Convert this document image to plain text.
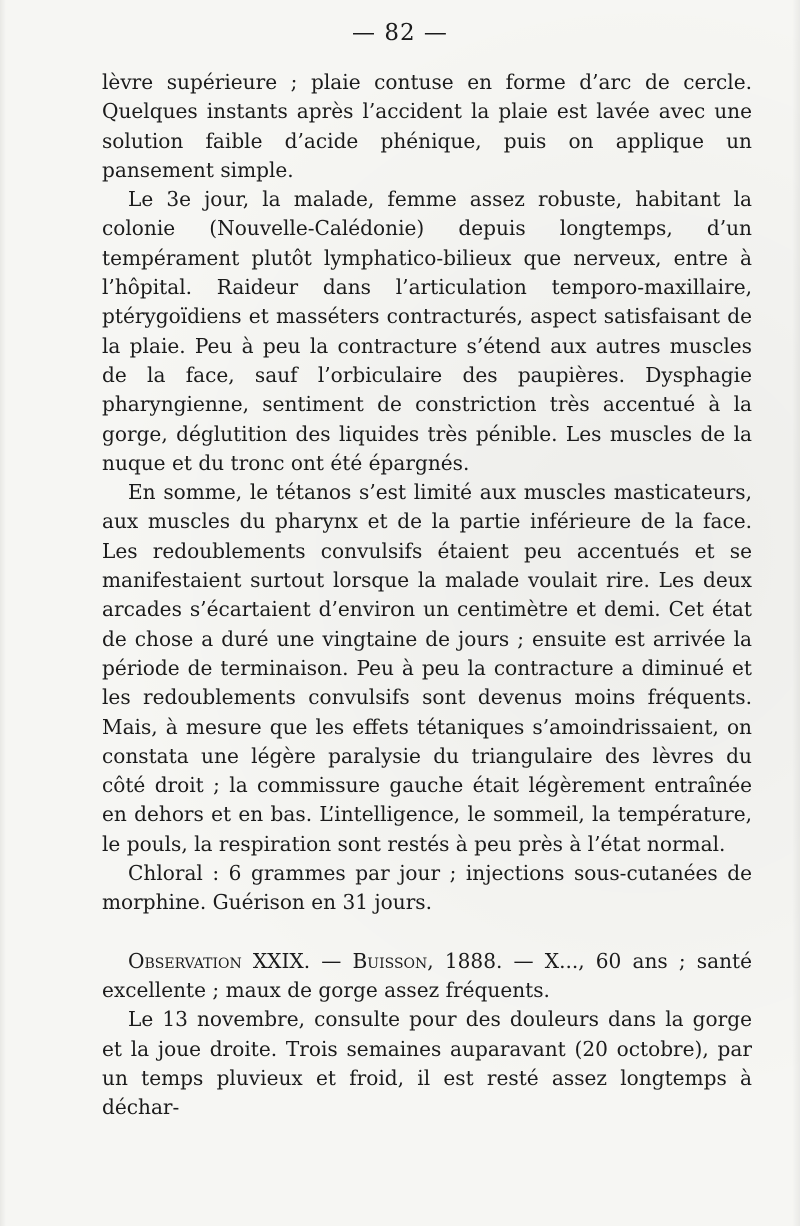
— 82 —

lèvre supérieure ; plaie contuse en forme d’arc de cercle. Quelques instants après l’accident la plaie est lavée avec une solution faible d’acide phénique, puis on applique un pansement simple.

Le 3e jour, la malade, femme assez robuste, habitant la colonie (Nouvelle-Calédonie) depuis longtemps, d’un tempérament plutôt lymphatico-bilieux que nerveux, entre à l’hôpital. Raideur dans l’articulation temporo-maxillaire, ptérygoïdiens et masséters contracturés, aspect satisfaisant de la plaie. Peu à peu la contracture s’étend aux autres muscles de la face, sauf l’orbiculaire des paupières. Dysphagie pharyngienne, sentiment de constriction très accentué à la gorge, déglutition des liquides très pénible. Les muscles de la nuque et du tronc ont été épargnés.

En somme, le tétanos s’est limité aux muscles masticateurs, aux muscles du pharynx et de la partie inférieure de la face. Les redoublements convulsifs étaient peu accentués et se manifestaient surtout lorsque la malade voulait rire. Les deux arcades s’écartaient d’environ un centimètre et demi. Cet état de chose a duré une vingtaine de jours ; ensuite est arrivée la période de terminaison. Peu à peu la contracture a diminué et les redoublements convulsifs sont devenus moins fréquents. Mais, à mesure que les effets tétaniques s’amoindrissaient, on constata une légère paralysie du triangulaire des lèvres du côté droit ; la commissure gauche était légèrement entraînée en dehors et en bas. L’intelligence, le sommeil, la température, le pouls, la respiration sont restés à peu près à l’état normal.

Chloral : 6 grammes par jour ; injections sous-cutanées de morphine. Guérison en 31 jours.

Observation XXIX. — Buisson, 1888. — X..., 60 ans ; santé excellente ; maux de gorge assez fréquents.

Le 13 novembre, consulte pour des douleurs dans la gorge et la joue droite. Trois semaines auparavant (20 octobre), par un temps pluvieux et froid, il est resté assez longtemps à déchar-
